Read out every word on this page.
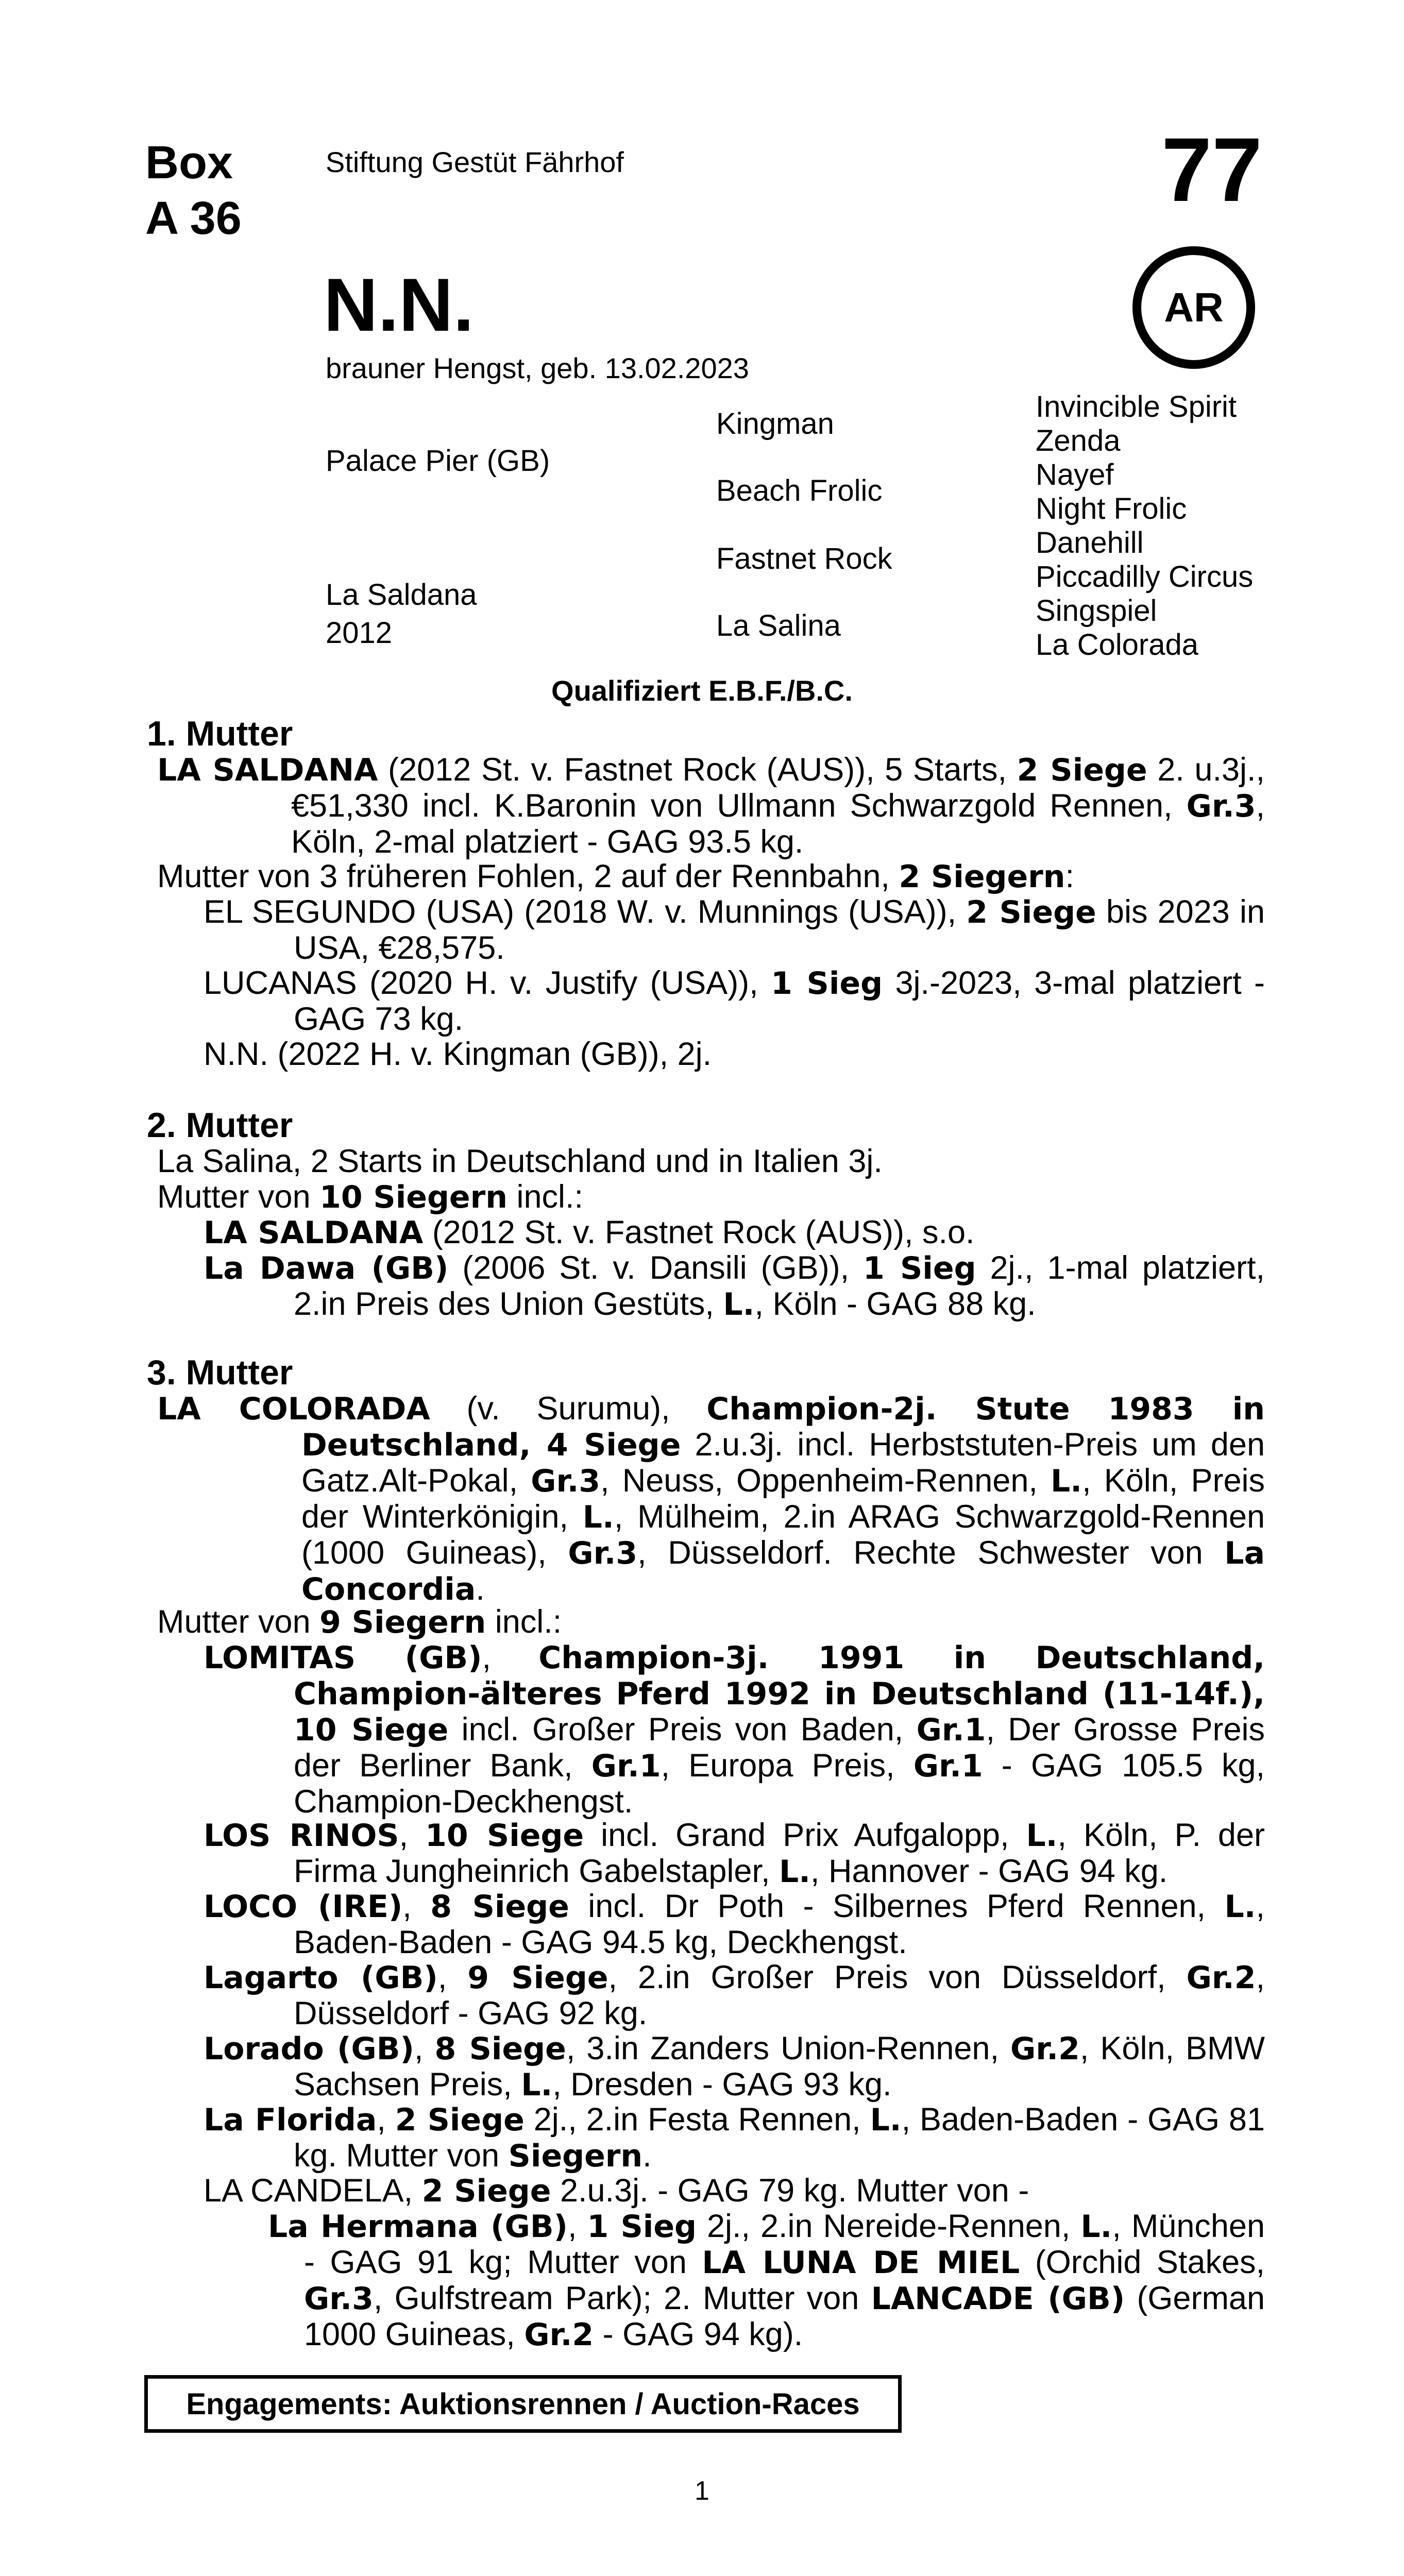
Box
A 36
Stiftung Gestüt Fährhof	77
AR
N.N.
brauner Hengst, geb. 13.02.2023
Palace Pier (GB)
La Saldana
2012
Kingman
Beach Frolic
Fastnet Rock
La Salina
Invincible Spirit
Zenda
Nayef
Night Frolic
Danehill
Piccadilly Circus
Singspiel
La Colorada
Qualifiziert E.B.F./B.C.
1. Mutter
LA SALDANA (2012 St. v. Fastnet Rock (AUS)), 5 Starts, 2 Siege 2. u.3j., €51,330 incl. K.Baronin von Ullmann Schwarzgold Rennen, Gr.3, Köln, 2-mal platziert - GAG 93.5 kg.
Mutter von 3 früheren Fohlen, 2 auf der Rennbahn, 2 Siegern:
EL SEGUNDO (USA) (2018 W. v. Munnings (USA)), 2 Siege bis 2023 in USA, €28,575.
LUCANAS (2020 H. v. Justify (USA)), 1 Sieg 3j.-2023, 3-mal platziert - GAG 73 kg.
N.N. (2022 H. v. Kingman (GB)), 2j.
2. Mutter
La Salina, 2 Starts in Deutschland und in Italien 3j.
Mutter von 10 Siegern incl.:
LA SALDANA (2012 St. v. Fastnet Rock (AUS)), s.o.
La Dawa (GB) (2006 St. v. Dansili (GB)), 1 Sieg 2j., 1-mal platziert, 2.in Preis des Union Gestüts, L., Köln - GAG 88 kg.
3. Mutter
LA COLORADA (v. Surumu), Champion-2j. Stute 1983 in Deutschland, 4 Siege 2.u.3j. incl. Herbststuten-Preis um den Gatz.Alt-Pokal, Gr.3, Neuss, Oppenheim-Rennen, L., Köln, Preis der Winterkönigin, L., Mülheim, 2.in ARAG Schwarzgold-Rennen (1000 Guineas), Gr.3, Düsseldorf. Rechte Schwester von La Concordia.
Mutter von 9 Siegern incl.:
LOMITAS (GB), Champion-3j. 1991 in Deutschland, Champion-älteres Pferd 1992 in Deutschland (11-14f.), 10 Siege incl. Großer Preis von Baden, Gr.1, Der Grosse Preis der Berliner Bank, Gr.1, Europa Preis, Gr.1 - GAG 105.5 kg, Champion-Deckhengst.
LOS RINOS, 10 Siege incl. Grand Prix Aufgalopp, L., Köln, P. der Firma Jungheinrich Gabelstapler, L., Hannover - GAG 94 kg.
LOCO (IRE), 8 Siege incl. Dr Poth - Silbernes Pferd Rennen, L., Baden-Baden - GAG 94.5 kg, Deckhengst.
Lagarto (GB), 9 Siege, 2.in Großer Preis von Düsseldorf, Gr.2, Düsseldorf - GAG 92 kg.
Lorado (GB), 8 Siege, 3.in Zanders Union-Rennen, Gr.2, Köln, BMW Sachsen Preis, L., Dresden - GAG 93 kg.
La Florida, 2 Siege 2j., 2.in Festa Rennen, L., Baden-Baden - GAG 81 kg. Mutter von Siegern.
LA CANDELA, 2 Siege 2.u.3j. - GAG 79 kg. Mutter von -
La Hermana (GB), 1 Sieg 2j., 2.in Nereide-Rennen, L., München - GAG 91 kg; Mutter von LA LUNA DE MIEL (Orchid Stakes, Gr.3, Gulfstream Park); 2. Mutter von LANCADE (GB) (German 1000 Guineas, Gr.2 - GAG 94 kg).
Engagements: Auktionsrennen / Auction-Races
1
